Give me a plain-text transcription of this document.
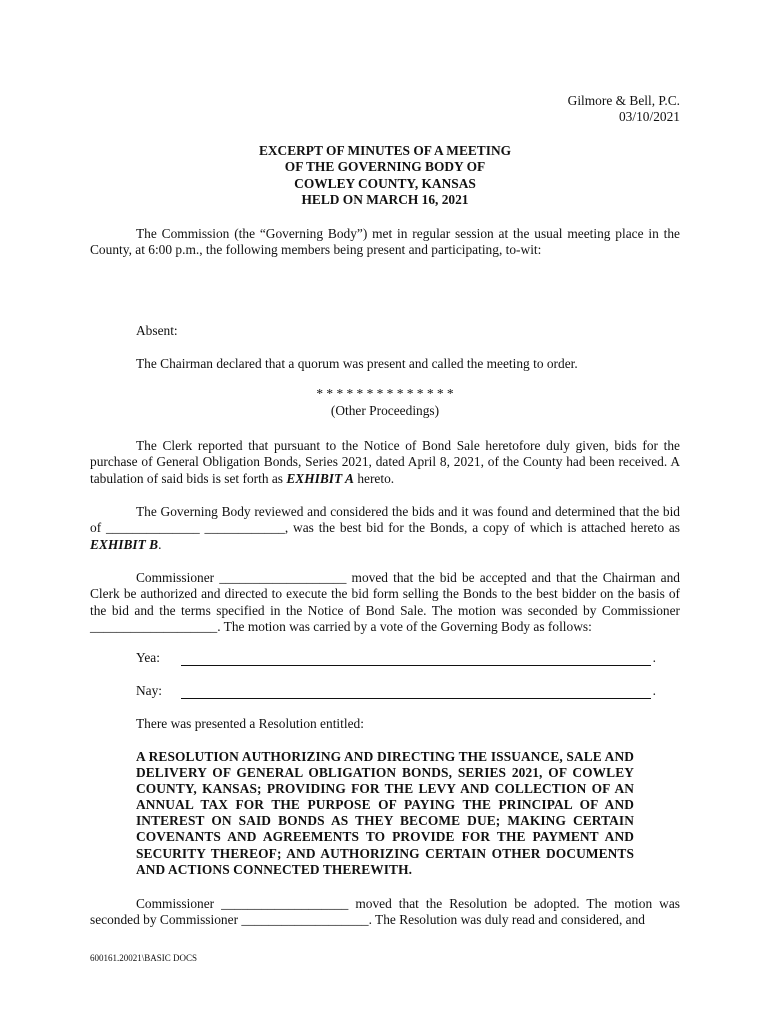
Gilmore & Bell, P.C.
03/10/2021
EXCERPT OF MINUTES OF A MEETING
OF THE GOVERNING BODY OF
COWLEY COUNTY, KANSAS
HELD ON MARCH 16, 2021
The Commission (the “Governing Body”) met in regular session at the usual meeting place in the County, at 6:00 p.m., the following members being present and participating, to-wit:
Absent:
The Chairman declared that a quorum was present and called the meeting to order.
* * * * * * * * * * * * * *
(Other Proceedings)
The Clerk reported that pursuant to the Notice of Bond Sale heretofore duly given, bids for the purchase of General Obligation Bonds, Series 2021, dated April 8, 2021, of the County had been received. A tabulation of said bids is set forth as EXHIBIT A hereto.
The Governing Body reviewed and considered the bids and it was found and determined that the bid of ______________ ____________, was the best bid for the Bonds, a copy of which is attached hereto as EXHIBIT B.
Commissioner ___________________ moved that the bid be accepted and that the Chairman and Clerk be authorized and directed to execute the bid form selling the Bonds to the best bidder on the basis of the bid and the terms specified in the Notice of Bond Sale. The motion was seconded by Commissioner ___________________. The motion was carried by a vote of the Governing Body as follows:
Yea:	.
Nay:	.
There was presented a Resolution entitled:
A RESOLUTION AUTHORIZING AND DIRECTING THE ISSUANCE, SALE AND DELIVERY OF GENERAL OBLIGATION BONDS, SERIES 2021, OF COWLEY COUNTY, KANSAS; PROVIDING FOR THE LEVY AND COLLECTION OF AN ANNUAL TAX FOR THE PURPOSE OF PAYING THE PRINCIPAL OF AND INTEREST ON SAID BONDS AS THEY BECOME DUE; MAKING CERTAIN COVENANTS AND AGREEMENTS TO PROVIDE FOR THE PAYMENT AND SECURITY THEREOF; AND AUTHORIZING CERTAIN OTHER DOCUMENTS AND ACTIONS CONNECTED THEREWITH.
Commissioner ___________________ moved that the Resolution be adopted. The motion was seconded by Commissioner ___________________. The Resolution was duly read and considered, and
600161.20021\BASIC DOCS
